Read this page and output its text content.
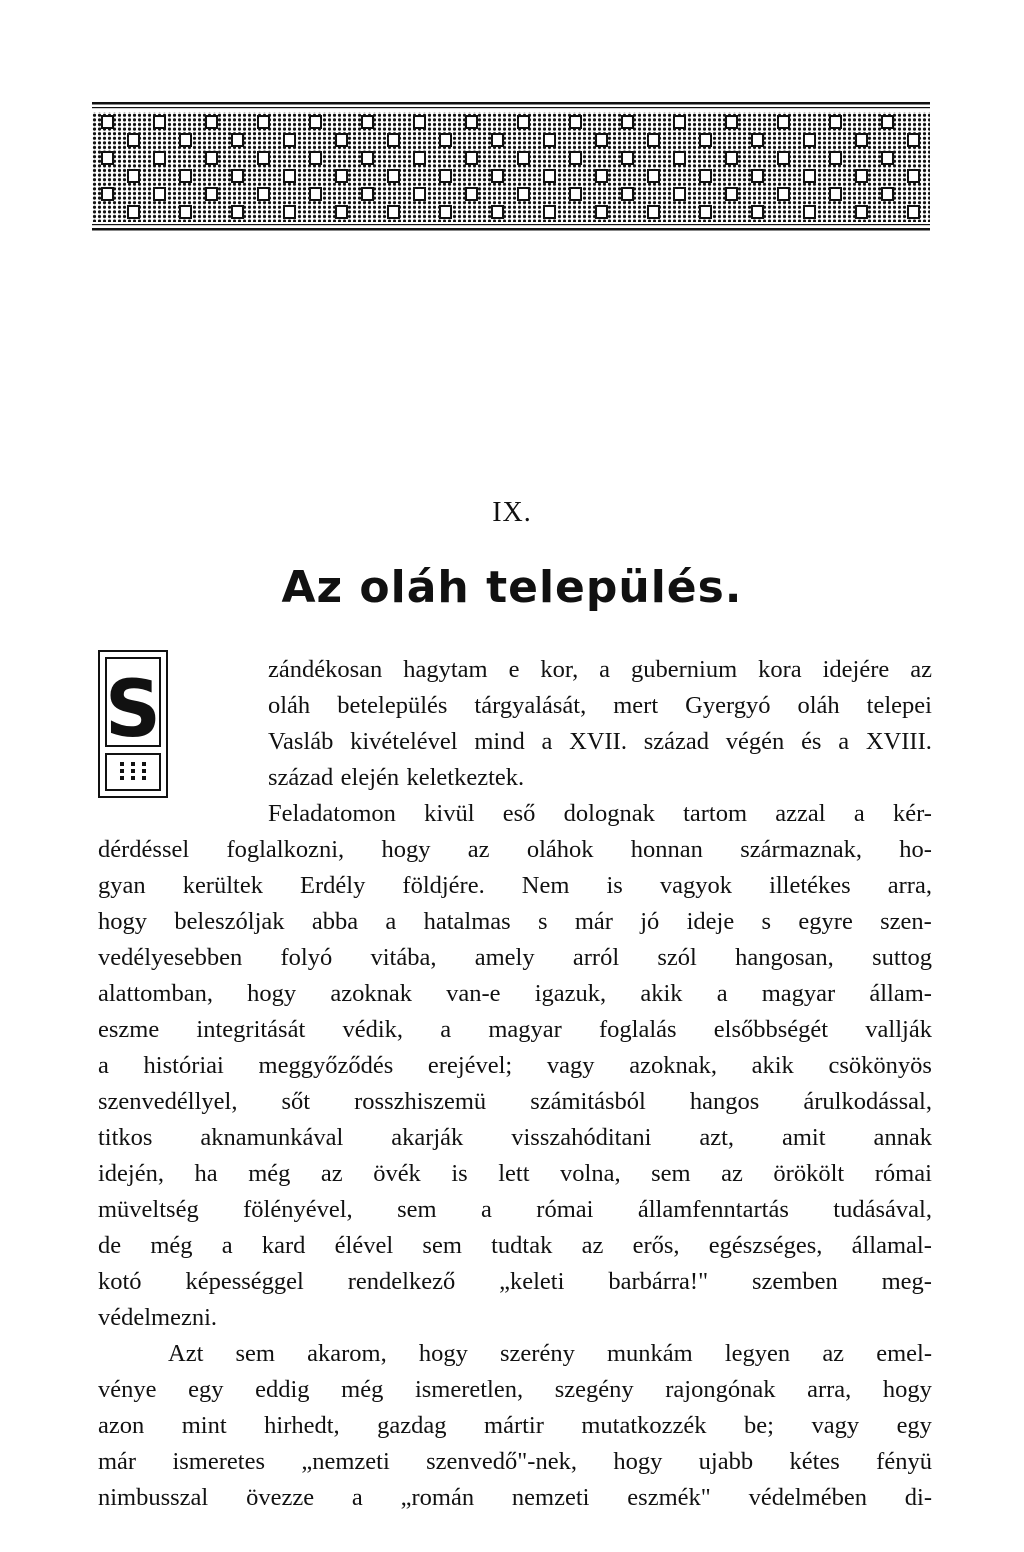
IX.
Az oláh település.
S	zándékosan hagytam e kor, a gubernium kora idejére az
oláh betelepülés tárgyalását, mert Gyergyó oláh telepei
Vasláb kivételével mind a XVII. század végén és a XVIII.
század elején keletkeztek.
Feladatomon kivül eső dolognak tartom azzal a kér-
dérdéssel foglalkozni, hogy az oláhok honnan származnak, ho-
gyan kerültek Erdély földjére. Nem is vagyok illetékes arra,
hogy beleszóljak abba a hatalmas s már jó ideje s egyre szen-
vedélyesebben folyó vitába, amely arról szól hangosan, suttog
alattomban, hogy azoknak van-e igazuk, akik a magyar állam-
eszme integritását védik, a magyar foglalás elsőbbségét vallják
a históriai meggyőződés erejével; vagy azoknak, akik csökönyös
szenvedéllyel, sőt rosszhiszemü számitásból hangos árulkodással,
titkos aknamunkával akarják visszahóditani azt, amit annak
idején, ha még az övék is lett volna, sem az örökölt római
müveltség fölényével, sem a római államfenntartás tudásával,
de még a kard élével sem tudtak az erős, egészséges, államal-
kotó képességgel rendelkező „keleti barbárra!" szemben meg-
védelmezni.
Azt sem akarom, hogy szerény munkám legyen az emel-
vénye egy eddig még ismeretlen, szegény rajongónak arra, hogy
azon mint hirhedt, gazdag mártir mutatkozzék be; vagy egy
már ismeretes „nemzeti szenvedő"-nek, hogy ujabb kétes fényü
nimbusszal övezze a „román nemzeti eszmék" védelmében di-
